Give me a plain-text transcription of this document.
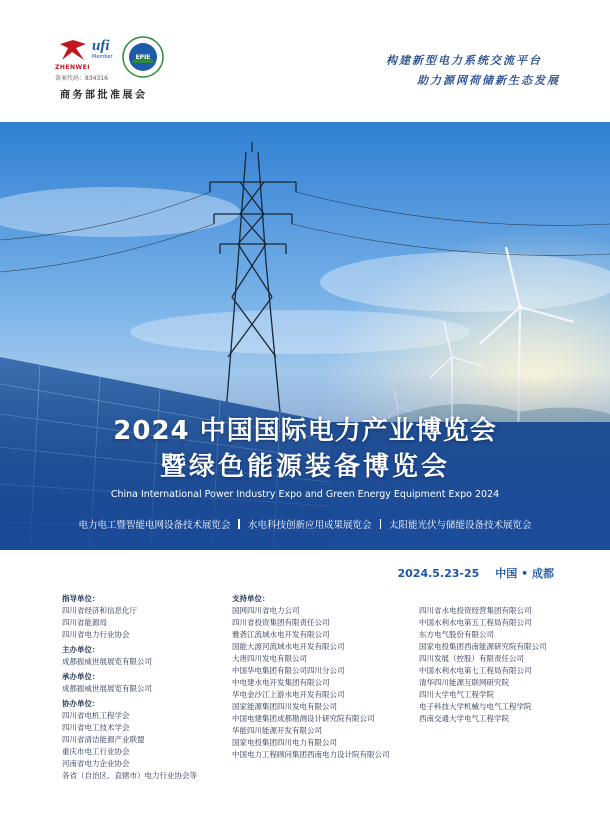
ZHENWEI
备案代码：834316
ufi
Member	EPIE
商务部批准展会
构建新型电力系统交流平台
助力源网荷储新生态发展
2024 中国国际电力产业博览会
暨绿色能源装备博览会
China International Power Industry Expo and Green Energy Equipment Expo 2024
电力电工暨智能电网设备技术展览会 水电科技创新应用成果展览会 太阳能光伏与储能设备技术展览会
2024.5.23-25 中国 • 成都
指导单位：
四川省经济和信息化厅
四川省能源局
四川省电力行业协会
主办单位：
成都振威世展展览有限公司
承办单位：
成都振威世展展览有限公司
协办单位：
四川省电机工程学会
四川省电工技术学会
四川省清洁能源产业联盟
重庆市电工行业协会
河南省电力企业协会
各省（自治区、直辖市）电力行业协会等
支持单位：
国网四川省电力公司
四川省投资集团有限责任公司
雅砻江流域水电开发有限公司
国能大渡河流域水电开发有限公司
大唐四川发电有限公司
中国华电集团有限公司四川分公司
中电建水电开发集团有限公司
华电金沙江上游水电开发有限公司
国家能源集团四川发电有限公司
中国电建集团成都勘测设计研究院有限公司
华能四川能源开发有限公司
国家电投集团四川电力有限公司
中国电力工程顾问集团西南电力设计院有限公司
四川省水电投资经营集团有限公司
中国水利水电第五工程局有限公司
东方电气股份有限公司
国家电投集团西南能源研究院有限公司
四川发展（控股）有限责任公司
中国水利水电第七工程局有限公司
清华四川能源互联网研究院
四川大学电气工程学院
电子科技大学机械与电气工程学院
西南交通大学电气工程学院
